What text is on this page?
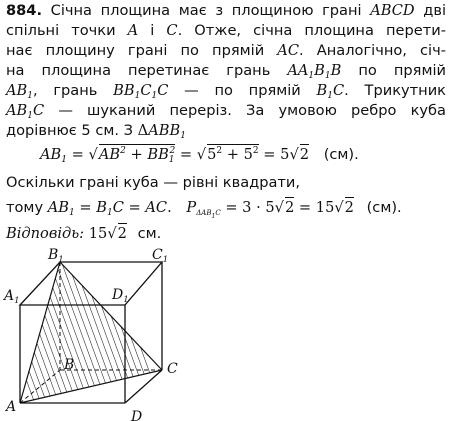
884. Січна площина має з площиною грані ABCD дві
спільні точки A і C. Отже, січна площина перети-
нає площину грані по прямій AC. Аналогічно, січ-
на площина перетинає грань $AA_1B_1B$ по прямій
$AB_1$, грань $BB_1C_1C$ — по прямій $B_1C$. Трикутник
$AB_1C$ — шуканий переріз. За умовою ребро куба
дорівнює 5 см. З $\Delta ABB_1$
$AB_1 = √AB^2 + BB_1^2 = √5^2 + 5^2 = 5√2$ (см).
Оскільки грані куба — рівні квадрати,
тому $AB_1 = B_1C$ = AC. $P_{\Delta AB_1C} = 3 \cdot 5√2 = 15√2$ (см).
Відповідь: 15√2 см.
$B_1$	$C_1$
$A_1$	$D_1$
B	C
A
D
